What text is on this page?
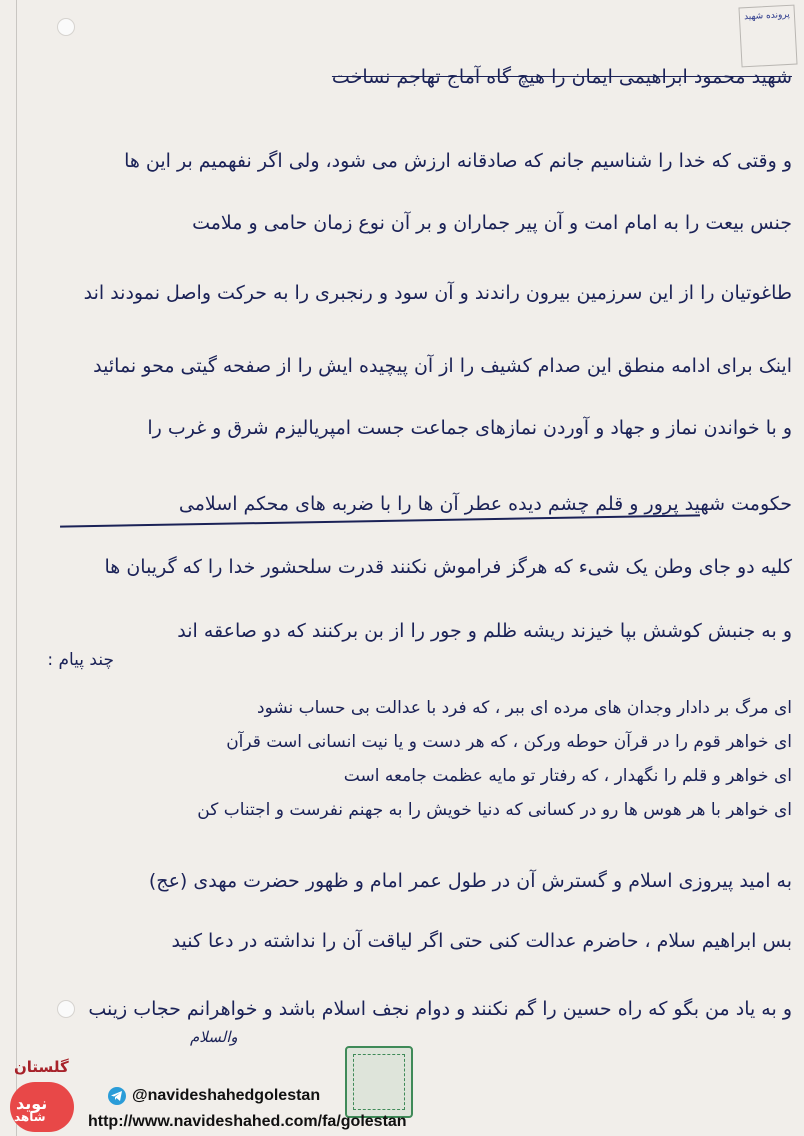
پرونده شهید
شهید محمود ابراهیمی ایمان را هیچ گاه آماج تهاجم نساخت
و وقتی که خدا را شناسیم جانم که صادقانه ارزش می شود، ولی اگر نفهمیم بر این ها
جنس بیعت را به امام امت و آن پیر جماران و بر آن نوع زمان حامی و ملامت
طاغوتیان را از این سرزمین بیرون راندند و آن سود و رنجبری را به حرکت واصل نمودند اند
اینک برای ادامه منطق این صدام کشیف را از آن پیچیده ایش را از صفحه گیتی محو نمائید
و با خواندن نماز و جهاد و آوردن نمازهای جماعت جست امپریالیزم شرق و غرب را
حکومت شهید پرور و قلم چشم دیده عطر آن ها را با ضربه های محکم اسلامی
کلیه دو جای وطن یک شیء که هرگز فراموش نکنند قدرت سلحشور خدا را که گریبان ها
و به جنبش کوشش بپا خیزند ریشه ظلم و جور را از بن برکنند که دو صاعقه اند
چند پیام :
ای مرگ بر دادار وجدان های مرده ای ببر ، که فرد با عدالت بی حساب نشود
ای خواهر قوم را در قرآن حوطه ورکن ، که هر دست و یا نیت انسانی است قرآن
ای خواهر و قلم را نگهدار ، که رفتار تو مایه عظمت جامعه است
ای خواهر با هر هوس ها رو در کسانی که دنیا خویش را به جهنم نفرست و اجتناب کن
به امید پیروزی اسلام و گسترش آن در طول عمر امام و ظهور حضرت مهدی (عج)
بس ابراهیم سلام ، حاضرم عدالت کنی حتی اگر لیاقت آن را نداشته در دعا کنید
و به یاد من بگو که راه حسین را گم نکنند و دوام نجف اسلام باشد و خواهرانم حجاب زینب
والسلام
گلستان
نوید
شاهد
@navideshahedgolestan
http://www.navideshahed.com/fa/golestan
